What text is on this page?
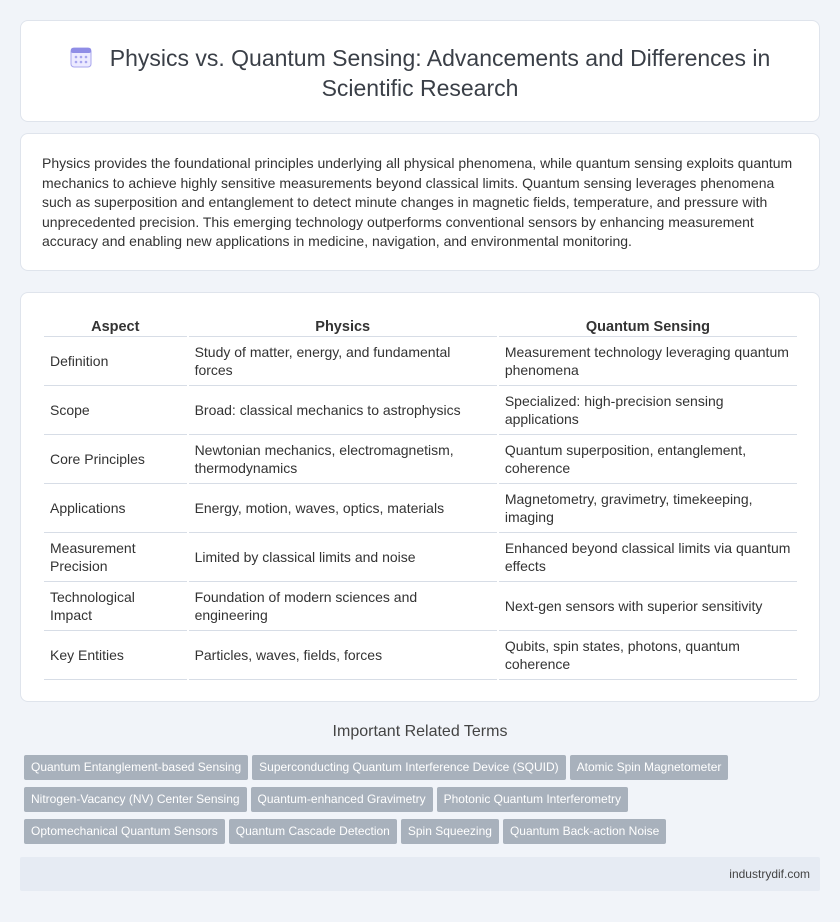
Physics vs. Quantum Sensing: Advancements and Differences in Scientific Research

Physics provides the foundational principles underlying all physical phenomena, while quantum sensing exploits quantum mechanics to achieve highly sensitive measurements beyond classical limits. Quantum sensing leverages phenomena such as superposition and entanglement to detect minute changes in magnetic fields, temperature, and pressure with unprecedented precision. This emerging technology outperforms conventional sensors by enhancing measurement accuracy and enabling new applications in medicine, navigation, and environmental monitoring.

Aspect	Physics	Quantum Sensing
Definition	Study of matter, energy, and fundamental forces	Measurement technology leveraging quantum phenomena
Scope	Broad: classical mechanics to astrophysics	Specialized: high-precision sensing applications
Core Principles	Newtonian mechanics, electromagnetism, thermodynamics	Quantum superposition, entanglement, coherence
Applications	Energy, motion, waves, optics, materials	Magnetometry, gravimetry, timekeeping, imaging
Measurement Precision	Limited by classical limits and noise	Enhanced beyond classical limits via quantum effects
Technological Impact	Foundation of modern sciences and engineering	Next-gen sensors with superior sensitivity
Key Entities	Particles, waves, fields, forces	Qubits, spin states, photons, quantum coherence
Important Related Terms
Quantum Entanglement-based Sensing Superconducting Quantum Interference Device (SQUID) Atomic Spin Magnetometer
Nitrogen-Vacancy (NV) Center Sensing Quantum-enhanced Gravimetry Photonic Quantum Interferometry
Optomechanical Quantum Sensors Quantum Cascade Detection Spin Squeezing Quantum Back-action Noise
industrydif.com
